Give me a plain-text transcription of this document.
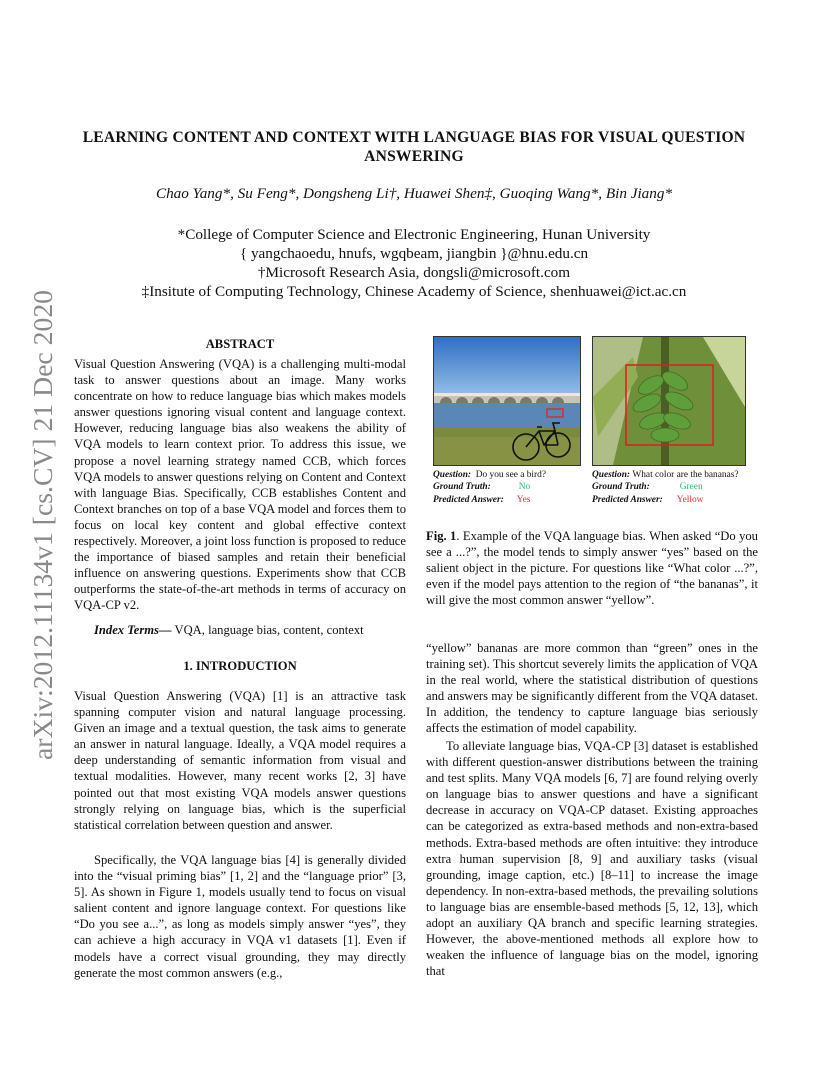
arXiv:2012.11134v1 [cs.CV] 21 Dec 2020
LEARNING CONTENT AND CONTEXT WITH LANGUAGE BIAS FOR VISUAL QUESTION
ANSWERING
Chao Yang*, Su Feng*, Dongsheng Li†, Huawei Shen‡, Guoqing Wang*, Bin Jiang*
*College of Computer Science and Electronic Engineering, Hunan University
{ yangchaoedu, hnufs, wgqbeam, jiangbin }@hnu.edu.cn
†Microsoft Research Asia, dongsli@microsoft.com
‡Insitute of Computing Technology, Chinese Academy of Science, shenhuawei@ict.ac.cn
ABSTRACT
Visual Question Answering (VQA) is a challenging multi-modal task to answer questions about an image. Many works concentrate on how to reduce language bias which makes models answer questions ignoring visual content and language context. However, reducing language bias also weakens the ability of VQA models to learn context prior. To address this issue, we propose a novel learning strategy named CCB, which forces VQA models to answer questions relying on Content and Context with language Bias. Specifically, CCB establishes Content and Context branches on top of a base VQA model and forces them to focus on local key content and global effective context respectively. Moreover, a joint loss function is proposed to reduce the importance of biased samples and retain their beneficial influence on answering questions. Experiments show that CCB outperforms the state-of-the-art methods in terms of accuracy on VQA-CP v2.
Index Terms— VQA, language bias, content, context
1. INTRODUCTION
Visual Question Answering (VQA) [1] is an attractive task spanning computer vision and natural language processing. Given an image and a textual question, the task aims to generate an answer in natural language. Ideally, a VQA model requires a deep understanding of semantic information from visual and textual modalities. However, many recent works [2, 3] have pointed out that most existing VQA models answer questions strongly relying on language bias, which is the superficial statistical correlation between question and answer.
Specifically, the VQA language bias [4] is generally divided into the “visual priming bias” [1, 2] and the “language prior” [3, 5]. As shown in Figure 1, models usually tend to focus on visual salient content and ignore language context. For questions like “Do you see a...”, as long as models simply answer “yes”, they can achieve a high accuracy in VQA v1 datasets [1]. Even if models have a correct visual grounding, they may directly generate the most common answers (e.g.,
Question: Do you see a bird?
Ground Truth:	No
Predicted Answer: Yes
Question: What color are the bananas?
Ground Truth:	Green
Predicted Answer: Yellow
Fig. 1. Example of the VQA language bias. When asked “Do you see a ...?”, the model tends to simply answer “yes” based on the salient object in the picture. For questions like “What color ...?”, even if the model pays attention to the region of “the bananas”, it will give the most common answer “yellow”.
“yellow” bananas are more common than “green” ones in the training set). This shortcut severely limits the application of VQA in the real world, where the statistical distribution of questions and answers may be significantly different from the VQA dataset. In addition, the tendency to capture language bias seriously affects the estimation of model capability.
To alleviate language bias, VQA-CP [3] dataset is established with different question-answer distributions between the training and test splits. Many VQA models [6, 7] are found relying overly on language bias to answer questions and have a significant decrease in accuracy on VQA-CP dataset. Existing approaches can be categorized as extra-based methods and non-extra-based methods. Extra-based methods are often intuitive: they introduce extra human supervision [8, 9] and auxiliary tasks (visual grounding, image caption, etc.) [8–11] to increase the image dependency. In non-extra-based methods, the prevailing solutions to language bias are ensemble-based methods [5, 12, 13], which adopt an auxiliary QA branch and specific learning strategies. However, the above-mentioned methods all explore how to weaken the influence of language bias on the model, ignoring that
